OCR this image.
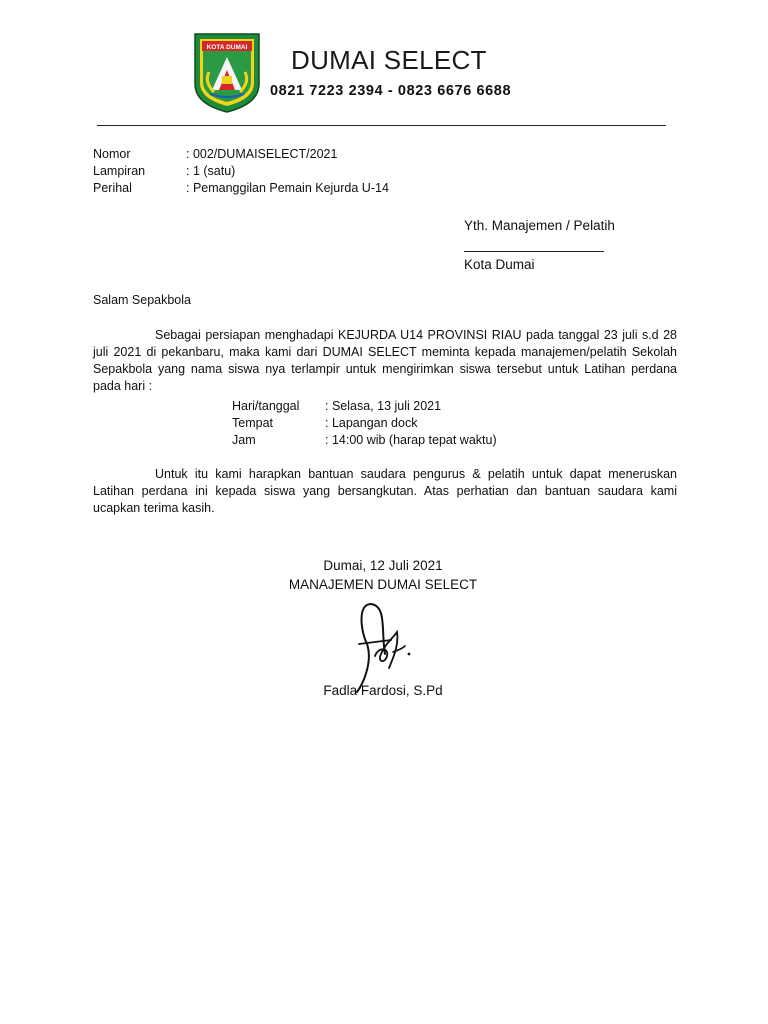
KOTA DUMAI DUMAI SELECT
0821 7223 2394 - 0823 6676 6688
Nomor	: 002/DUMAISELECT/2021
Lampiran	: 1 (satu)
Perihal	: Pemanggilan Pemain Kejurda U-14
Yth. Manajemen / Pelatih
Kota Dumai
Salam Sepakbola
Sebagai persiapan menghadapi KEJURDA U14 PROVINSI RIAU pada tanggal 23 juli s.d 28 juli 2021 di pekanbaru, maka kami dari DUMAI SELECT meminta kepada manajemen/pelatih Sekolah Sepakbola yang nama siswa nya terlampir untuk mengirimkan siswa tersebut untuk Latihan perdana pada hari :
Hari/tanggal : Selasa, 13 juli 2021
Tempat	: Lapangan dock
Jam	: 14:00 wib (harap tepat waktu)
Untuk itu kami harapkan bantuan saudara pengurus & pelatih untuk dapat meneruskan Latihan perdana ini kepada siswa yang bersangkutan. Atas perhatian dan bantuan saudara kami ucapkan terima kasih.
Dumai, 12 Juli 2021
MANAJEMEN DUMAI SELECT
Fadla Fardosi, S.Pd
